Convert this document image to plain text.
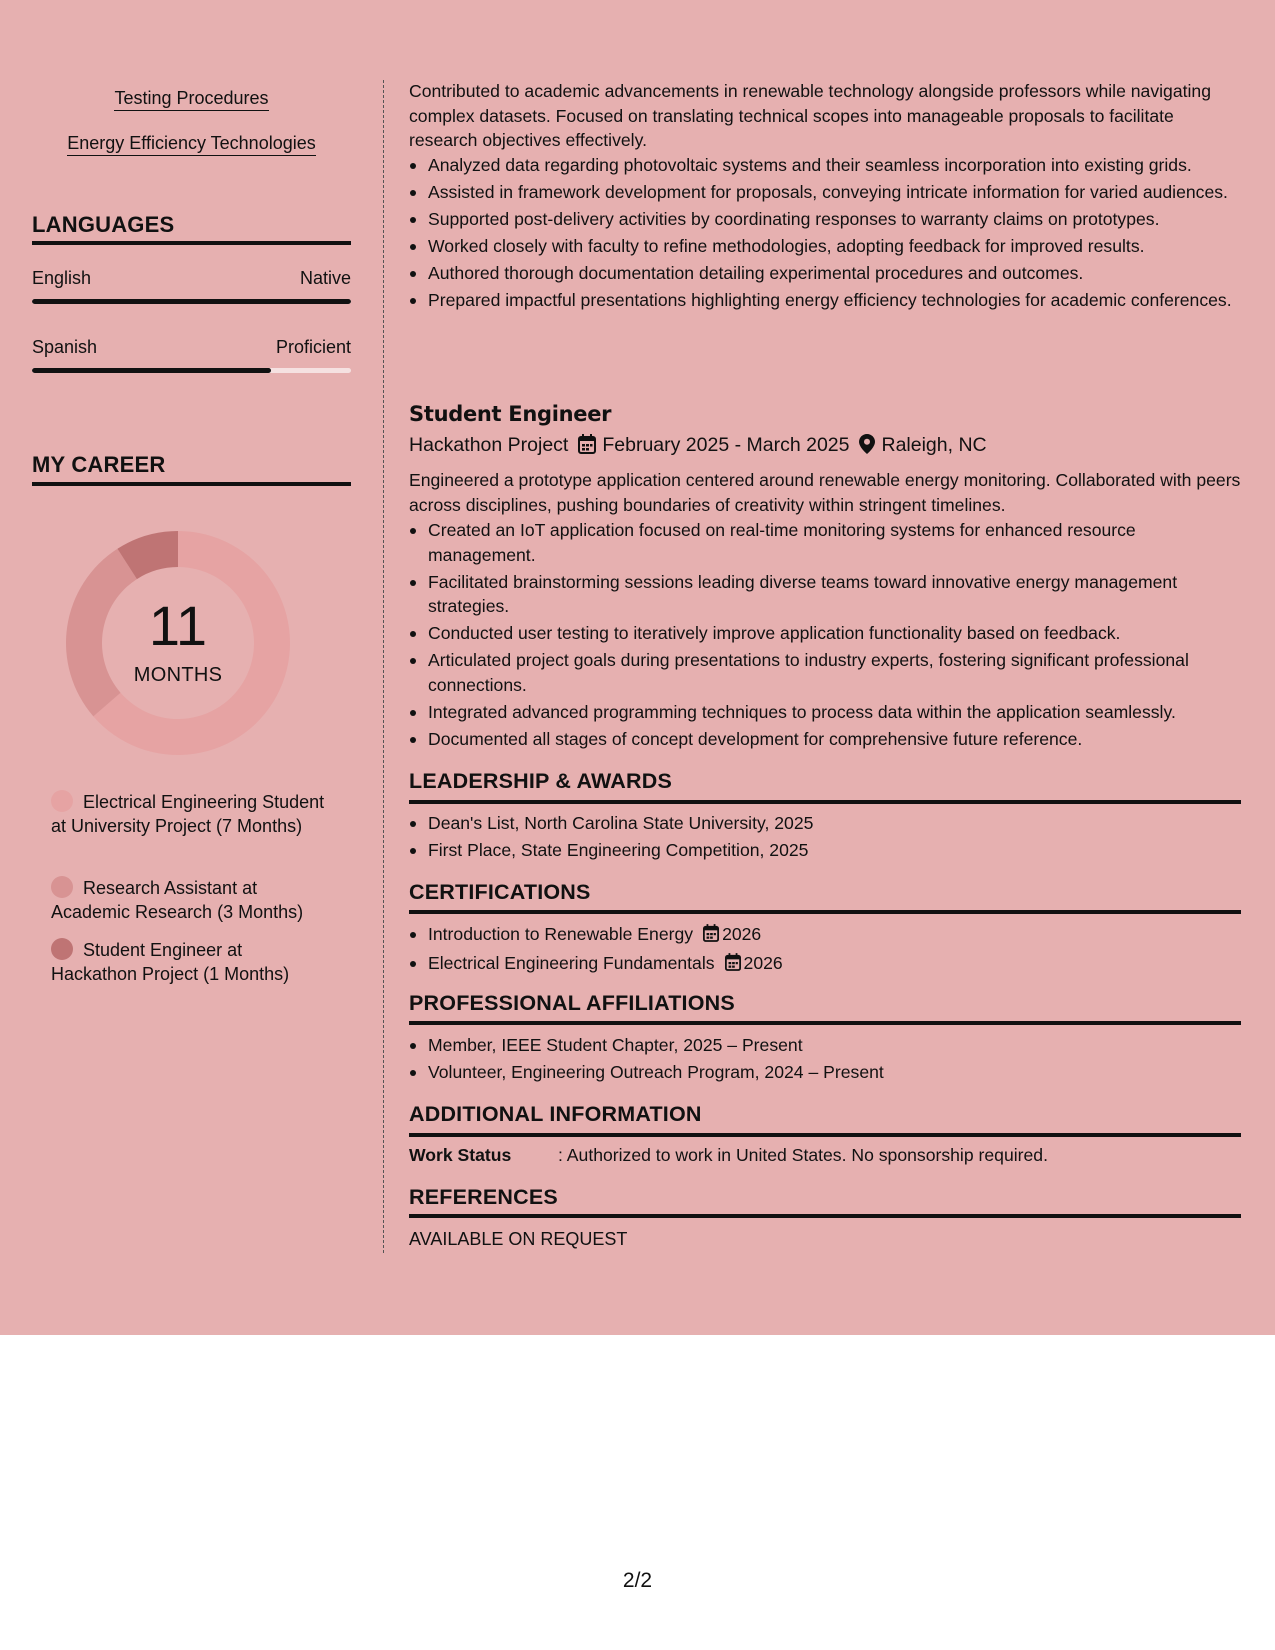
Testing Procedures
Energy Efficiency Technologies
LANGUAGES
English	Native
Spanish	Proficient
MY CAREER
11
MONTHS
Electrical Engineering Student at University Project (7 Months)
Research Assistant at Academic Research (3 Months)
Student Engineer at Hackathon Project (1 Months)
Contributed to academic advancements in renewable technology alongside professors while navigating complex datasets. Focused on translating technical scopes into manageable proposals to facilitate research objectives effectively.
Analyzed data regarding photovoltaic systems and their seamless incorporation into existing grids.
Assisted in framework development for proposals, conveying intricate information for varied audiences.
Supported post-delivery activities by coordinating responses to warranty claims on prototypes.
Worked closely with faculty to refine methodologies, adopting feedback for improved results.
Authored thorough documentation detailing experimental procedures and outcomes.
Prepared impactful presentations highlighting energy efficiency technologies for academic conferences.
Student Engineer
Hackathon Project February 2025 - March 2025 Raleigh, NC
Engineered a prototype application centered around renewable energy monitoring. Collaborated with peers across disciplines, pushing boundaries of creativity within stringent timelines.
Created an IoT application focused on real-time monitoring systems for enhanced resource management.
Facilitated brainstorming sessions leading diverse teams toward innovative energy management strategies.
Conducted user testing to iteratively improve application functionality based on feedback.
Articulated project goals during presentations to industry experts, fostering significant professional connections.
Integrated advanced programming techniques to process data within the application seamlessly.
Documented all stages of concept development for comprehensive future reference.
LEADERSHIP & AWARDS
Dean's List, North Carolina State University, 2025
First Place, State Engineering Competition, 2025
CERTIFICATIONS
Introduction to Renewable Energy 2026
Electrical Engineering Fundamentals 2026
PROFESSIONAL AFFILIATIONS
Member, IEEE Student Chapter, 2025 – Present
Volunteer, Engineering Outreach Program, 2024 – Present
ADDITIONAL INFORMATION
Work Status	: Authorized to work in United States. No sponsorship required.
REFERENCES
AVAILABLE ON REQUEST
2/2
